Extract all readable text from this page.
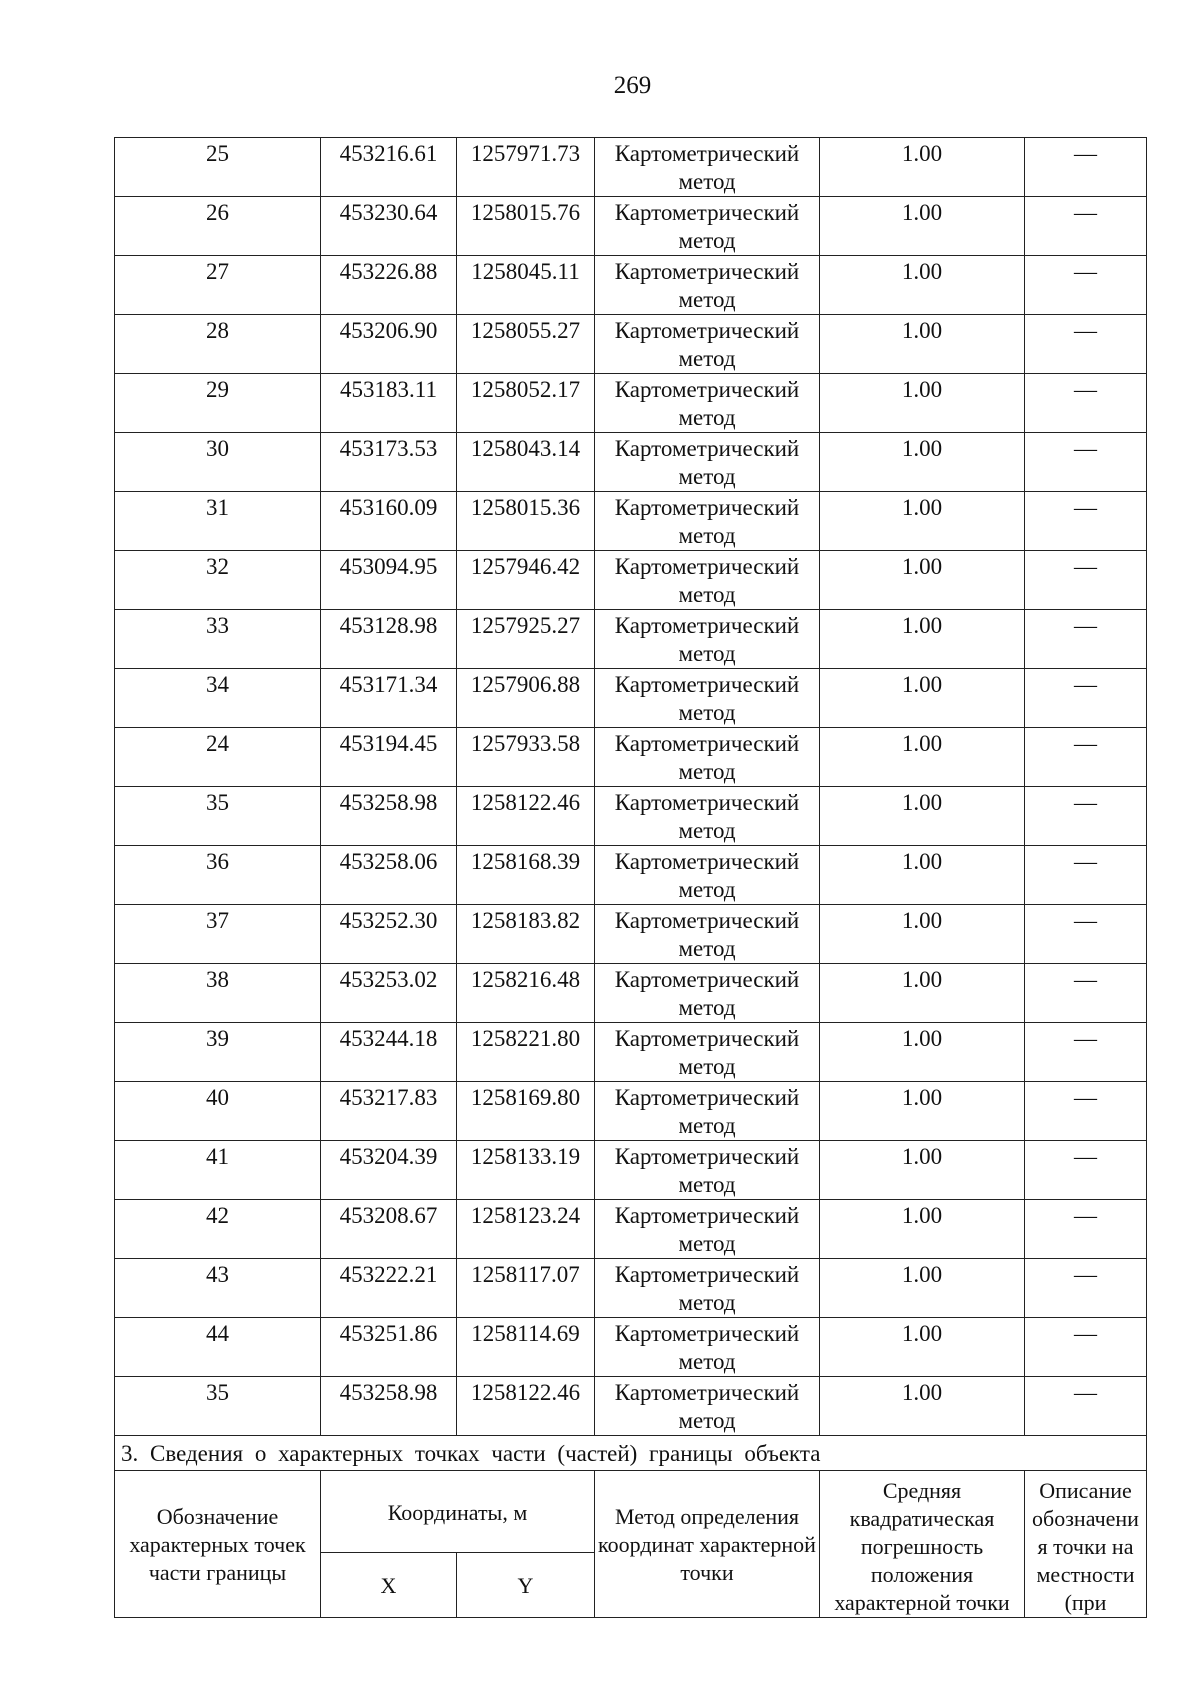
269
25	453216.61	1257971.73	Картометрический метод	1.00	—
26	453230.64	1258015.76	Картометрический метод	1.00	—
27	453226.88	1258045.11	Картометрический метод	1.00	—
28	453206.90	1258055.27	Картометрический метод	1.00	—
29	453183.11	1258052.17	Картометрический метод	1.00	—
30	453173.53	1258043.14	Картометрический метод	1.00	—
31	453160.09	1258015.36	Картометрический метод	1.00	—
32	453094.95	1257946.42	Картометрический метод	1.00	—
33	453128.98	1257925.27	Картометрический метод	1.00	—
34	453171.34	1257906.88	Картометрический метод	1.00	—
24	453194.45	1257933.58	Картометрический метод	1.00	—
35	453258.98	1258122.46	Картометрический метод	1.00	—
36	453258.06	1258168.39	Картометрический метод	1.00	—
37	453252.30	1258183.82	Картометрический метод	1.00	—
38	453253.02	1258216.48	Картометрический метод	1.00	—
39	453244.18	1258221.80	Картометрический метод	1.00	—
40	453217.83	1258169.80	Картометрический метод	1.00	—
41	453204.39	1258133.19	Картометрический метод	1.00	—
42	453208.67	1258123.24	Картометрический метод	1.00	—
43	453222.21	1258117.07	Картометрический метод	1.00	—
44	453251.86	1258114.69	Картометрический метод	1.00	—
35	453258.98	1258122.46	Картометрический метод	1.00	—
3. Сведения о характерных точках части (частей) границы объекта					
Обозначение характерных точек части границы	Координаты, м		Метод определения координат характерной точки	Средняя квадратическая погрешность положения характерной точки	Описание обозначени я точки на местности (при
	X	Y			
